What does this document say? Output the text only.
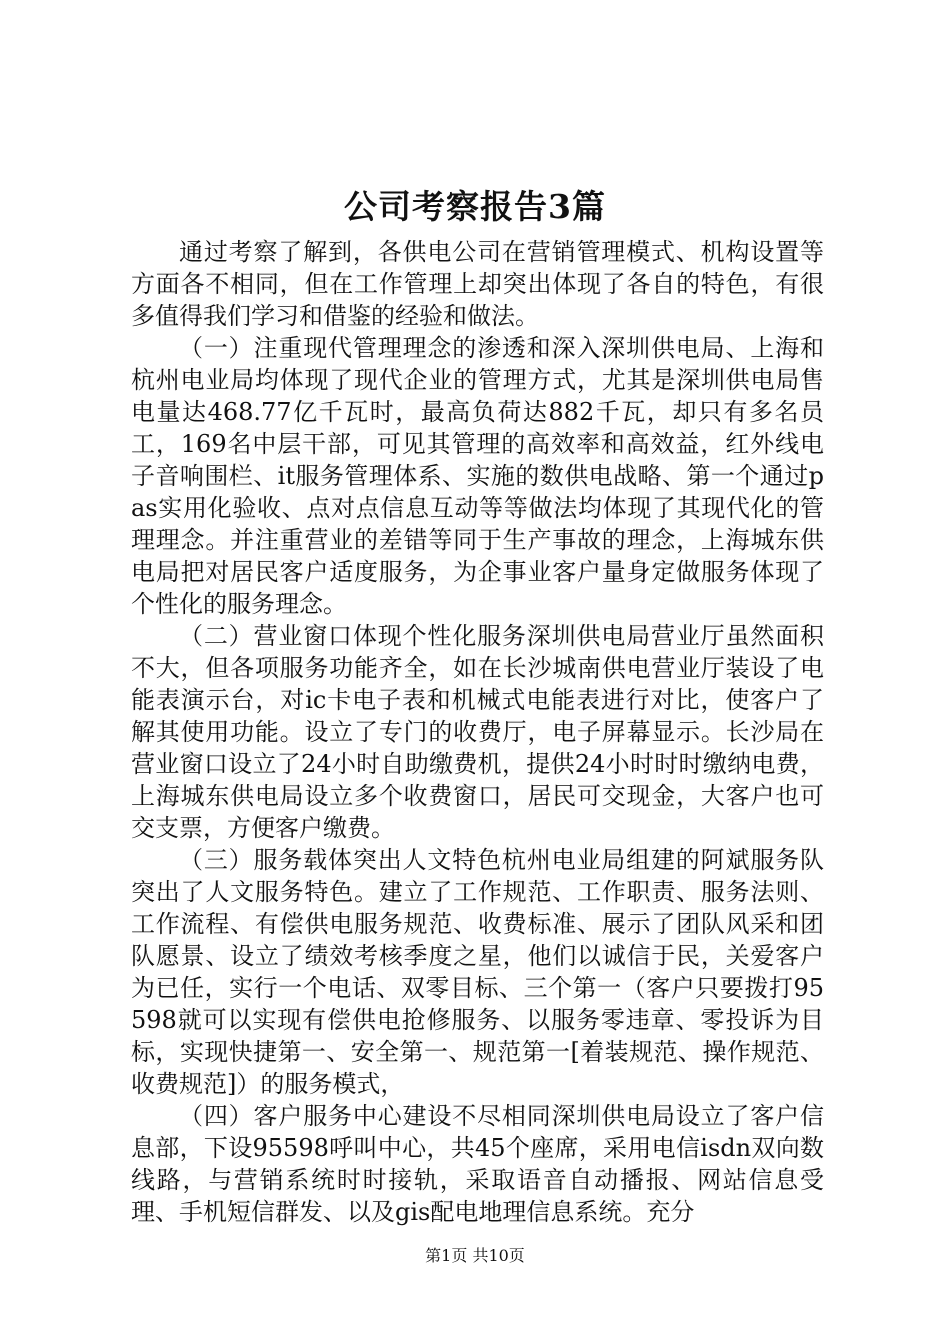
公司考察报告3篇

通过考察了解到，各供电公司在营销管理模式、机构设置等方面各不相同，但在工作管理上却突出体现了各自的特色，有很多值得我们学习和借鉴的经验和做法。

（一）注重现代管理理念的渗透和深入深圳供电局、上海和杭州电业局均体现了现代企业的管理方式，尤其是深圳供电局售电量达468.77亿千瓦时，最高负荷达882千瓦，却只有多名员工，169名中层干部，可见其管理的高效率和高效益，红外线电子音响围栏、it服务管理体系、实施的数供电战略、第一个通过pas实用化验收、点对点信息互动等等做法均体现了其现代化的管理理念。并注重营业的差错等同于生产事故的理念，上海城东供电局把对居民客户适度服务，为企事业客户量身定做服务体现了个性化的服务理念。

（二）营业窗口体现个性化服务深圳供电局营业厅虽然面积不大，但各项服务功能齐全，如在长沙城南供电营业厅装设了电能表演示台，对ic卡电子表和机械式电能表进行对比，使客户了解其使用功能。设立了专门的收费厅，电子屏幕显示。长沙局在营业窗口设立了24小时自助缴费机，提供24小时时时缴纳电费，上海城东供电局设立多个收费窗口，居民可交现金，大客户也可交支票，方便客户缴费。

（三）服务载体突出人文特色杭州电业局组建的阿斌服务队突出了人文服务特色。建立了工作规范、工作职责、服务法则、工作流程、有偿供电服务规范、收费标准、展示了团队风采和团队愿景、设立了绩效考核季度之星，他们以诚信于民，关爱客户为已任，实行一个电话、双零目标、三个第一（客户只要拨打95598就可以实现有偿供电抢修服务、以服务零违章、零投诉为目标，实现快捷第一、安全第一、规范第一[着装规范、操作规范、收费规范]）的服务模式，

（四）客户服务中心建设不尽相同深圳供电局设立了客户信息部，下设95598呼叫中心，共45个座席，采用电信isdn双向数线路，与营销系统时时接轨，采取语音自动播报、网站信息受理、手机短信群发、以及gis配电地理信息系统。充分

第1页 共10页
